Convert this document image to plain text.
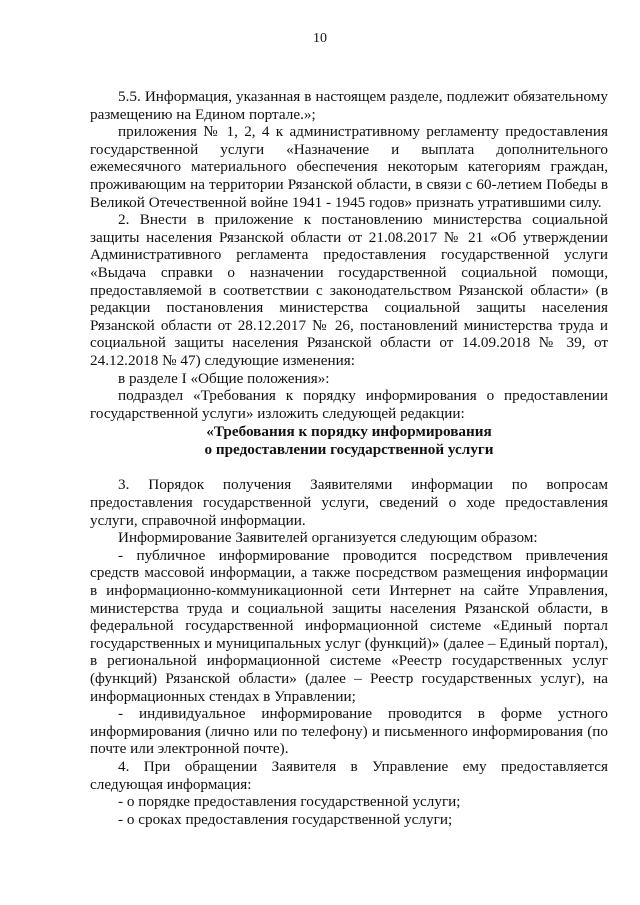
10

5.5. Информация, указанная в настоящем разделе, подлежит обязательному размещению на Едином портале.»;

приложения № 1, 2, 4 к административному регламенту предоставления государственной услуги «Назначение и выплата дополнительного ежемесячного материального обеспечения некоторым категориям граждан, проживающим на территории Рязанской области, в связи с 60-летием Победы в Великой Отечественной войне 1941 - 1945 годов» признать утратившими силу.

2. Внести в приложение к постановлению министерства социальной защиты населения Рязанской области от 21.08.2017 № 21 «Об утверждении Административного регламента предоставления государственной услуги «Выдача справки о назначении государственной социальной помощи, предоставляемой в соответствии с законодательством Рязанской области» (в редакции постановления министерства социальной защиты населения Рязанской области от 28.12.2017 № 26, постановлений министерства труда и социальной защиты населения Рязанской области от 14.09.2018 № 39, от 24.12.2018 № 47) следующие изменения:

в разделе I «Общие положения»:

подраздел «Требования к порядку информирования о предоставлении государственной услуги» изложить следующей редакции:

«Требования к порядку информирования
о предоставлении государственной услуги

3. Порядок получения Заявителями информации по вопросам предоставления государственной услуги, сведений о ходе предоставления услуги, справочной информации.

Информирование Заявителей организуется следующим образом:

- публичное информирование проводится посредством привлечения средств массовой информации, а также посредством размещения информации в информационно-коммуникационной сети Интернет на сайте Управления, министерства труда и социальной защиты населения Рязанской области, в федеральной государственной информационной системе «Единый портал государственных и муниципальных услуг (функций)» (далее – Единый портал), в региональной информационной системе «Реестр государственных услуг (функций) Рязанской области» (далее – Реестр государственных услуг), на информационных стендах в Управлении;

- индивидуальное информирование проводится в форме устного информирования (лично или по телефону) и письменного информирования (по почте или электронной почте).

4. При обращении Заявителя в Управление ему предоставляется следующая информация:

- о порядке предоставления государственной услуги;

- о сроках предоставления государственной услуги;
